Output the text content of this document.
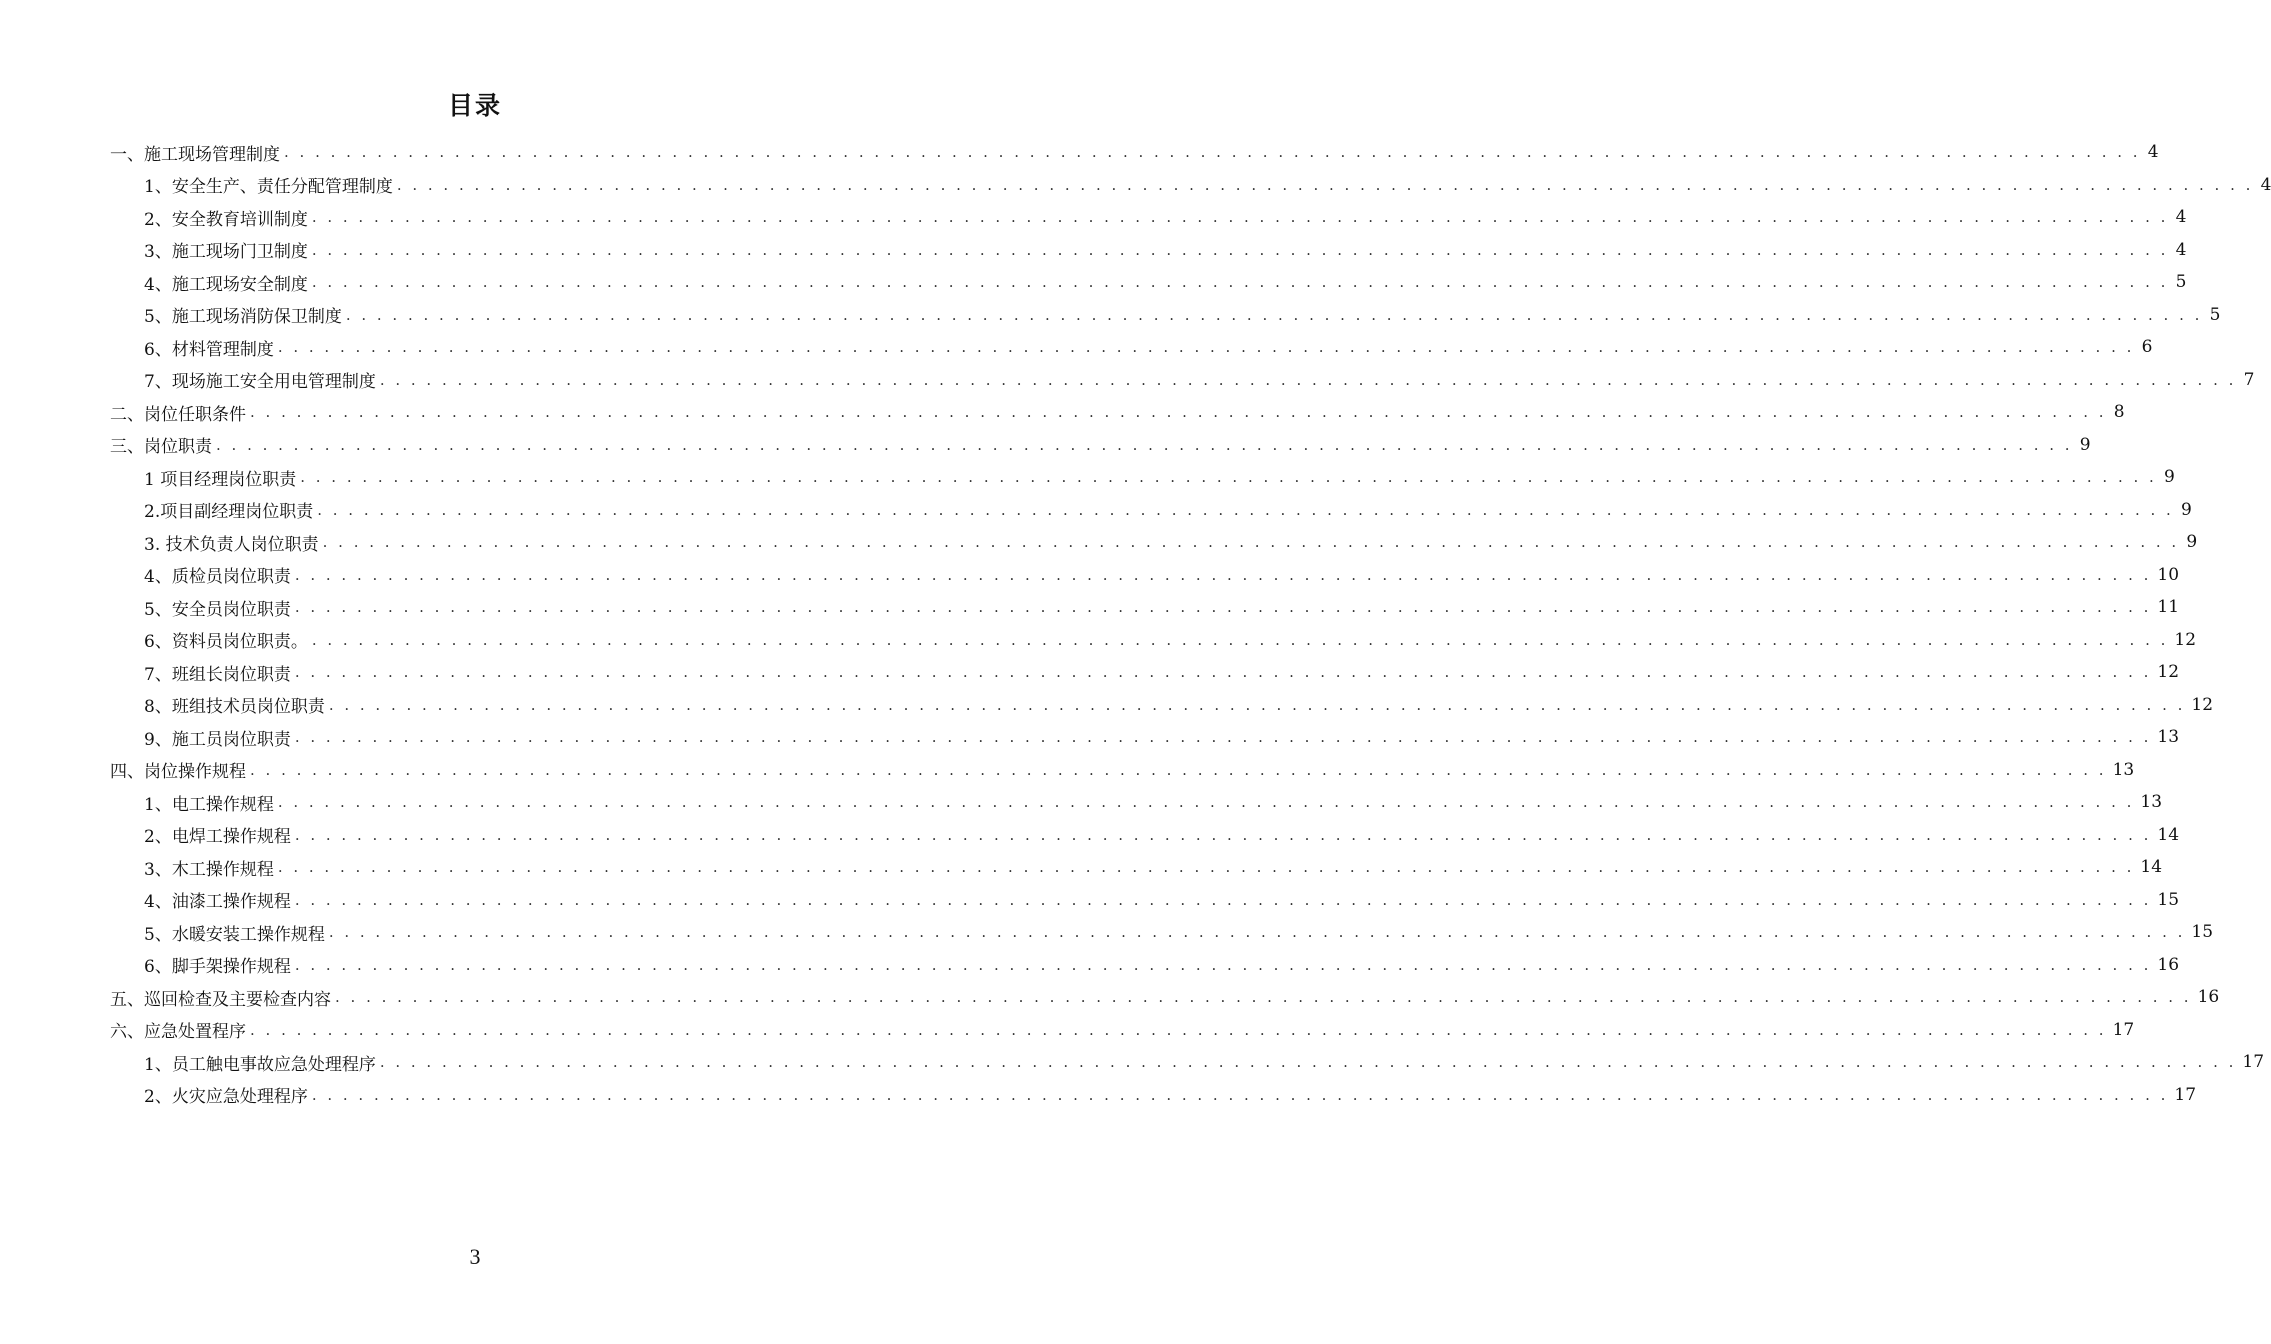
目录
一、施工现场管理制度 . . . . . . . . . . . . . . . . . . . . . . . . . . . . . . . . . . . . . . . . . . . . . . . . . . . . . . . . . . . . . . . . . . . . . . . . . . . . . . . . . . . . . . . . . . . . . . . . . . . . . . . . . . . . . . . . . . . . . . . . 4
1、安全生产、责任分配管理制度 . . . . . . . . . . . . . . . . . . . . . . . . . . . . . . . . . . . . . . . . . . . . . . . . . . . . . . . . . . . . . . . . . . . . . . . . . . . . . . . . . . . . . . . . . . . . . . . . . . . . . . . . . . . . . . . . . . . . . . . . 4
2、安全教育培训制度 . . . . . . . . . . . . . . . . . . . . . . . . . . . . . . . . . . . . . . . . . . . . . . . . . . . . . . . . . . . . . . . . . . . . . . . . . . . . . . . . . . . . . . . . . . . . . . . . . . . . . . . . . . . . . . . . . . . . . . . . 4
3、施工现场门卫制度 . . . . . . . . . . . . . . . . . . . . . . . . . . . . . . . . . . . . . . . . . . . . . . . . . . . . . . . . . . . . . . . . . . . . . . . . . . . . . . . . . . . . . . . . . . . . . . . . . . . . . . . . . . . . . . . . . . . . . . . . 4
4、施工现场安全制度 . . . . . . . . . . . . . . . . . . . . . . . . . . . . . . . . . . . . . . . . . . . . . . . . . . . . . . . . . . . . . . . . . . . . . . . . . . . . . . . . . . . . . . . . . . . . . . . . . . . . . . . . . . . . . . . . . . . . . . . . 5
5、施工现场消防保卫制度 . . . . . . . . . . . . . . . . . . . . . . . . . . . . . . . . . . . . . . . . . . . . . . . . . . . . . . . . . . . . . . . . . . . . . . . . . . . . . . . . . . . . . . . . . . . . . . . . . . . . . . . . . . . . . . . . . . . . . . . . 5
6、材料管理制度 . . . . . . . . . . . . . . . . . . . . . . . . . . . . . . . . . . . . . . . . . . . . . . . . . . . . . . . . . . . . . . . . . . . . . . . . . . . . . . . . . . . . . . . . . . . . . . . . . . . . . . . . . . . . . . . . . . . . . . . . 6
7、现场施工安全用电管理制度 . . . . . . . . . . . . . . . . . . . . . . . . . . . . . . . . . . . . . . . . . . . . . . . . . . . . . . . . . . . . . . . . . . . . . . . . . . . . . . . . . . . . . . . . . . . . . . . . . . . . . . . . . . . . . . . . . . . . . . . . 7
二、岗位任职条件 . . . . . . . . . . . . . . . . . . . . . . . . . . . . . . . . . . . . . . . . . . . . . . . . . . . . . . . . . . . . . . . . . . . . . . . . . . . . . . . . . . . . . . . . . . . . . . . . . . . . . . . . . . . . . . . . . . . . . . . . 8
三、岗位职责 . . . . . . . . . . . . . . . . . . . . . . . . . . . . . . . . . . . . . . . . . . . . . . . . . . . . . . . . . . . . . . . . . . . . . . . . . . . . . . . . . . . . . . . . . . . . . . . . . . . . . . . . . . . . . . . . . . . . . . . . 9
1 项目经理岗位职责 . . . . . . . . . . . . . . . . . . . . . . . . . . . . . . . . . . . . . . . . . . . . . . . . . . . . . . . . . . . . . . . . . . . . . . . . . . . . . . . . . . . . . . . . . . . . . . . . . . . . . . . . . . . . . . . . . . . . . . . . 9
2.项目副经理岗位职责 . . . . . . . . . . . . . . . . . . . . . . . . . . . . . . . . . . . . . . . . . . . . . . . . . . . . . . . . . . . . . . . . . . . . . . . . . . . . . . . . . . . . . . . . . . . . . . . . . . . . . . . . . . . . . . . . . . . . . . . . 9
3. 技术负责人岗位职责 . . . . . . . . . . . . . . . . . . . . . . . . . . . . . . . . . . . . . . . . . . . . . . . . . . . . . . . . . . . . . . . . . . . . . . . . . . . . . . . . . . . . . . . . . . . . . . . . . . . . . . . . . . . . . . . . . . . . . . . . 9
4、质检员岗位职责 . . . . . . . . . . . . . . . . . . . . . . . . . . . . . . . . . . . . . . . . . . . . . . . . . . . . . . . . . . . . . . . . . . . . . . . . . . . . . . . . . . . . . . . . . . . . . . . . . . . . . . . . . . . . . . . . . . . . . . . . 10
5、安全员岗位职责 . . . . . . . . . . . . . . . . . . . . . . . . . . . . . . . . . . . . . . . . . . . . . . . . . . . . . . . . . . . . . . . . . . . . . . . . . . . . . . . . . . . . . . . . . . . . . . . . . . . . . . . . . . . . . . . . . . . . . . . . 11
6、资料员岗位职责。 . . . . . . . . . . . . . . . . . . . . . . . . . . . . . . . . . . . . . . . . . . . . . . . . . . . . . . . . . . . . . . . . . . . . . . . . . . . . . . . . . . . . . . . . . . . . . . . . . . . . . . . . . . . . . . . . . . . . . . . . 12
7、班组长岗位职责 . . . . . . . . . . . . . . . . . . . . . . . . . . . . . . . . . . . . . . . . . . . . . . . . . . . . . . . . . . . . . . . . . . . . . . . . . . . . . . . . . . . . . . . . . . . . . . . . . . . . . . . . . . . . . . . . . . . . . . . . 12
8、班组技术员岗位职责 . . . . . . . . . . . . . . . . . . . . . . . . . . . . . . . . . . . . . . . . . . . . . . . . . . . . . . . . . . . . . . . . . . . . . . . . . . . . . . . . . . . . . . . . . . . . . . . . . . . . . . . . . . . . . . . . . . . . . . . . 12
9、施工员岗位职责 . . . . . . . . . . . . . . . . . . . . . . . . . . . . . . . . . . . . . . . . . . . . . . . . . . . . . . . . . . . . . . . . . . . . . . . . . . . . . . . . . . . . . . . . . . . . . . . . . . . . . . . . . . . . . . . . . . . . . . . . 13
四、岗位操作规程 . . . . . . . . . . . . . . . . . . . . . . . . . . . . . . . . . . . . . . . . . . . . . . . . . . . . . . . . . . . . . . . . . . . . . . . . . . . . . . . . . . . . . . . . . . . . . . . . . . . . . . . . . . . . . . . . . . . . . . . . 13
1、电工操作规程 . . . . . . . . . . . . . . . . . . . . . . . . . . . . . . . . . . . . . . . . . . . . . . . . . . . . . . . . . . . . . . . . . . . . . . . . . . . . . . . . . . . . . . . . . . . . . . . . . . . . . . . . . . . . . . . . . . . . . . . . 13
2、电焊工操作规程 . . . . . . . . . . . . . . . . . . . . . . . . . . . . . . . . . . . . . . . . . . . . . . . . . . . . . . . . . . . . . . . . . . . . . . . . . . . . . . . . . . . . . . . . . . . . . . . . . . . . . . . . . . . . . . . . . . . . . . . . 14
3、木工操作规程 . . . . . . . . . . . . . . . . . . . . . . . . . . . . . . . . . . . . . . . . . . . . . . . . . . . . . . . . . . . . . . . . . . . . . . . . . . . . . . . . . . . . . . . . . . . . . . . . . . . . . . . . . . . . . . . . . . . . . . . . 14
4、油漆工操作规程 . . . . . . . . . . . . . . . . . . . . . . . . . . . . . . . . . . . . . . . . . . . . . . . . . . . . . . . . . . . . . . . . . . . . . . . . . . . . . . . . . . . . . . . . . . . . . . . . . . . . . . . . . . . . . . . . . . . . . . . . 15
5、水暖安装工操作规程 . . . . . . . . . . . . . . . . . . . . . . . . . . . . . . . . . . . . . . . . . . . . . . . . . . . . . . . . . . . . . . . . . . . . . . . . . . . . . . . . . . . . . . . . . . . . . . . . . . . . . . . . . . . . . . . . . . . . . . . . 15
6、脚手架操作规程 . . . . . . . . . . . . . . . . . . . . . . . . . . . . . . . . . . . . . . . . . . . . . . . . . . . . . . . . . . . . . . . . . . . . . . . . . . . . . . . . . . . . . . . . . . . . . . . . . . . . . . . . . . . . . . . . . . . . . . . . 16
五、巡回检查及主要检查内容 . . . . . . . . . . . . . . . . . . . . . . . . . . . . . . . . . . . . . . . . . . . . . . . . . . . . . . . . . . . . . . . . . . . . . . . . . . . . . . . . . . . . . . . . . . . . . . . . . . . . . . . . . . . . . . . . . . . . . . . . 16
六、应急处置程序 . . . . . . . . . . . . . . . . . . . . . . . . . . . . . . . . . . . . . . . . . . . . . . . . . . . . . . . . . . . . . . . . . . . . . . . . . . . . . . . . . . . . . . . . . . . . . . . . . . . . . . . . . . . . . . . . . . . . . . . . 17
1、员工触电事故应急处理程序 . . . . . . . . . . . . . . . . . . . . . . . . . . . . . . . . . . . . . . . . . . . . . . . . . . . . . . . . . . . . . . . . . . . . . . . . . . . . . . . . . . . . . . . . . . . . . . . . . . . . . . . . . . . . . . . . . . . . . . . . 17
2、火灾应急处理程序 . . . . . . . . . . . . . . . . . . . . . . . . . . . . . . . . . . . . . . . . . . . . . . . . . . . . . . . . . . . . . . . . . . . . . . . . . . . . . . . . . . . . . . . . . . . . . . . . . . . . . . . . . . . . . . . . . . . . . . . . 17
3
